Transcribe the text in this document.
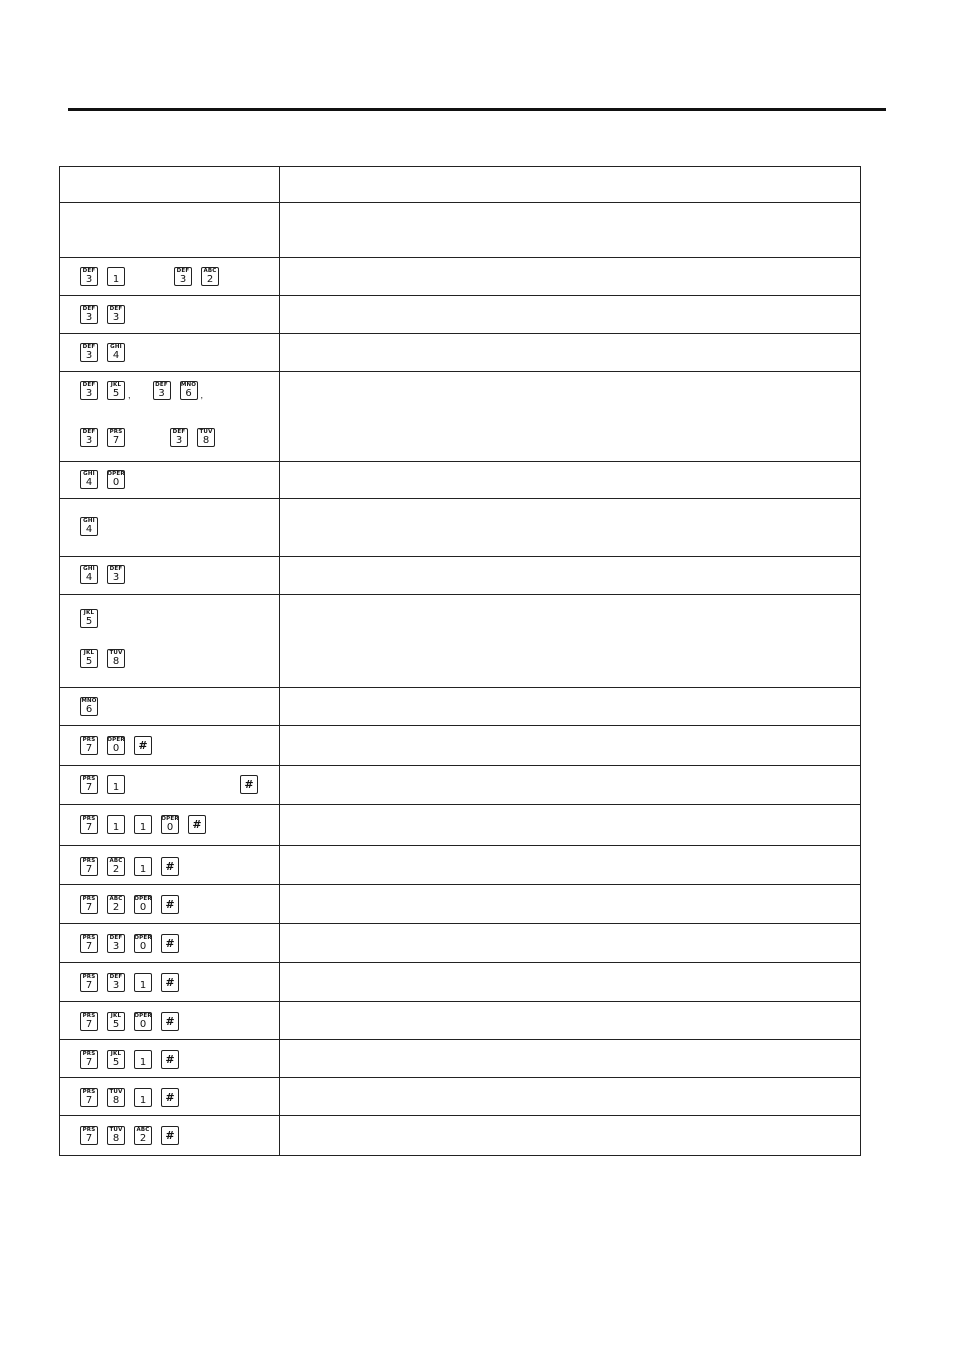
DEF
3 1
DEF
3
ABC
2
DEF
3
DEF
3
DEF
3
GHI
4
DEF
3
JKL
5 ,
DEF
3
MNO
6 ,
DEF
3
PRS
7
DEF
3
TUV
8
GHI
4
OPER
0
GHI
4
GHI
4
DEF
3
JKL
5
JKL
5
TUV
8
MNO
6
PRS
7
OPER
0 #
PRS
7 1	#
PRS
7 1 1
OPER
0 #
PRS
7
ABC
2 1 #
PRS
7
ABC
2
OPER
0 #
PRS
7
DEF
3
OPER
0 #
PRS
7
DEF
3 1 #
PRS
7
JKL
5
OPER
0 #
PRS
7
JKL
5 1 #
PRS
7
TUV
8 1 #
PRS
7
TUV
8
ABC
2 #
